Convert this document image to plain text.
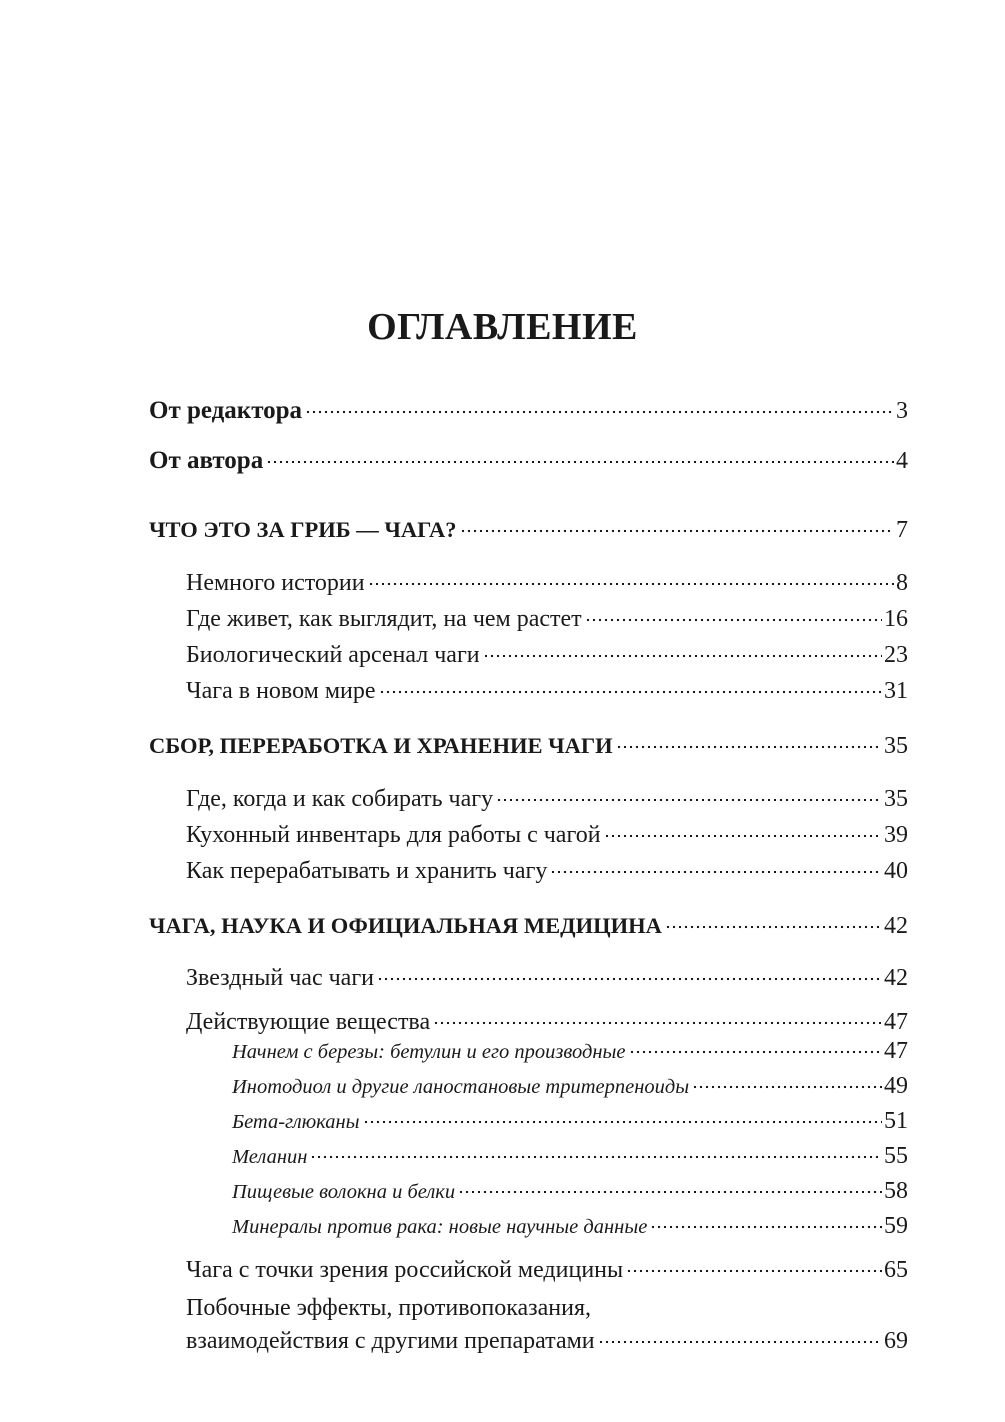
ОГЛАВЛЕНИЕ
От редактора	3
От автора	4
ЧТО ЭТО ЗА ГРИБ — ЧАГА?	7
Немного истории	8
Где живет, как выглядит, на чем растет	16
Биологический арсенал чаги	23
Чага в новом мире	31
СБОР, ПЕРЕРАБОТКА И ХРАНЕНИЕ ЧАГИ	35
Где, когда и как собирать чагу	35
Кухонный инвентарь для работы с чагой	39
Как перерабатывать и хранить чагу	40
ЧАГА, НАУКА И ОФИЦИАЛЬНАЯ МЕДИЦИНА	42
Звездный час чаги	42
Действующие вещества	47
Начнем с березы: бетулин и его производные	47
Инотодиол и другие ланостановые тритерпеноиды	49
Бета-глюканы	51
Меланин	55
Пищевые волокна и белки	58
Минералы против рака: новые научные данные	59
Чага с точки зрения российской медицины	65
Побочные эффекты, противопоказания,
взаимодействия с другими препаратами	69
